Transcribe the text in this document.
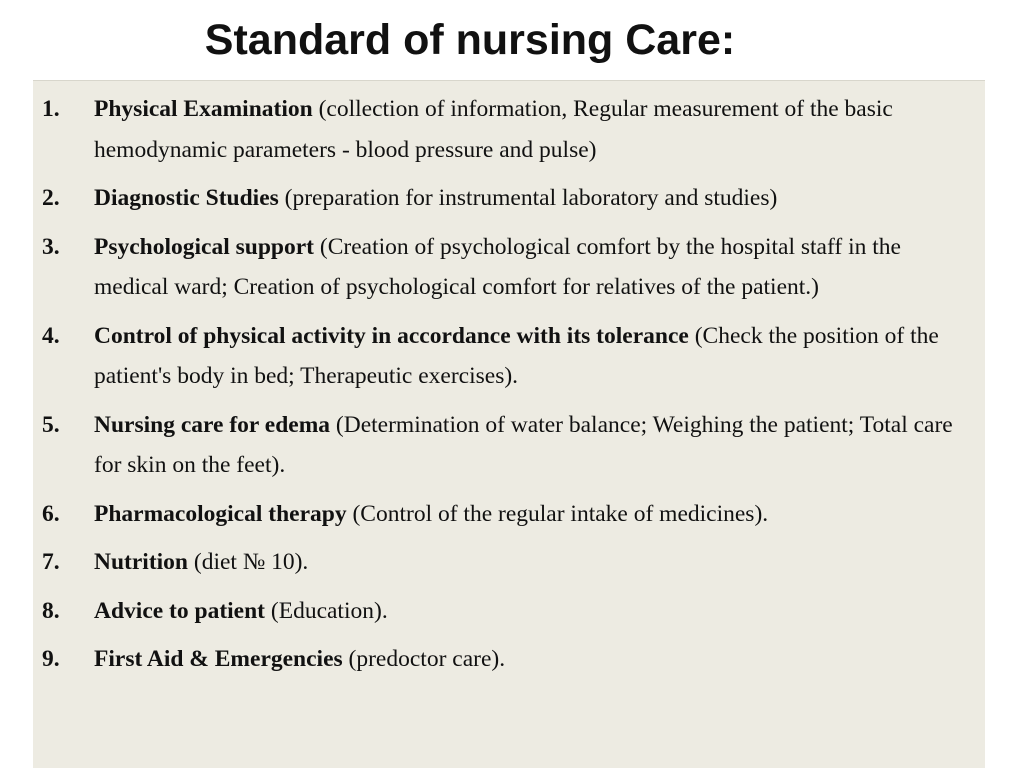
Standard of nursing Care:
1. Physical Examination (collection of information, Regular measurement of the basic hemodynamic parameters - blood pressure and pulse)
2. Diagnostic Studies (preparation for instrumental laboratory and studies)
3. Psychological support (Creation of psychological comfort by the hospital staff in the medical ward; Creation of psychological comfort for relatives of the patient.)
4. Control of physical activity in accordance with its tolerance (Check the position of the patient's body in bed; Therapeutic exercises).
5. Nursing care for edema (Determination of water balance; Weighing the patient; Total care for skin on the feet).
6. Pharmacological therapy (Control of the regular intake of medicines).
7. Nutrition (diet № 10).
8. Advice to patient (Education).
9. First Aid & Emergencies (predoctor care).
